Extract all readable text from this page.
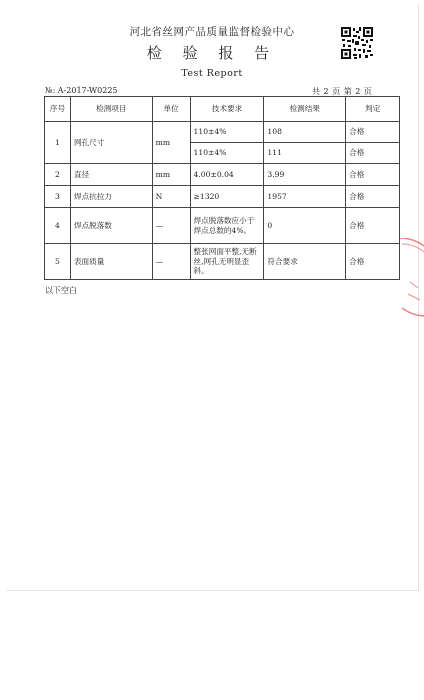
河北省丝网产品质量监督检验中心
检 验 报 告
Test Report
№: A-2017-W0225	共 2 页 第 2 页
序号	检测项目	单位	技术要求	检测结果	判定
1	网孔尺寸	mm	110±4%	108	合格
			110±4%	111	合格
2	直径	mm	4.00±0.04	3.99	合格
3	焊点抗拉力	N	≥1320	1957	合格
4	焊点脱落数	—	焊点脱落数应小于焊点总数的4%。	0	合格
5	表面质量	—	整张网面平整,无断丝,网孔无明显歪斜。	符合要求	合格
以下空白
